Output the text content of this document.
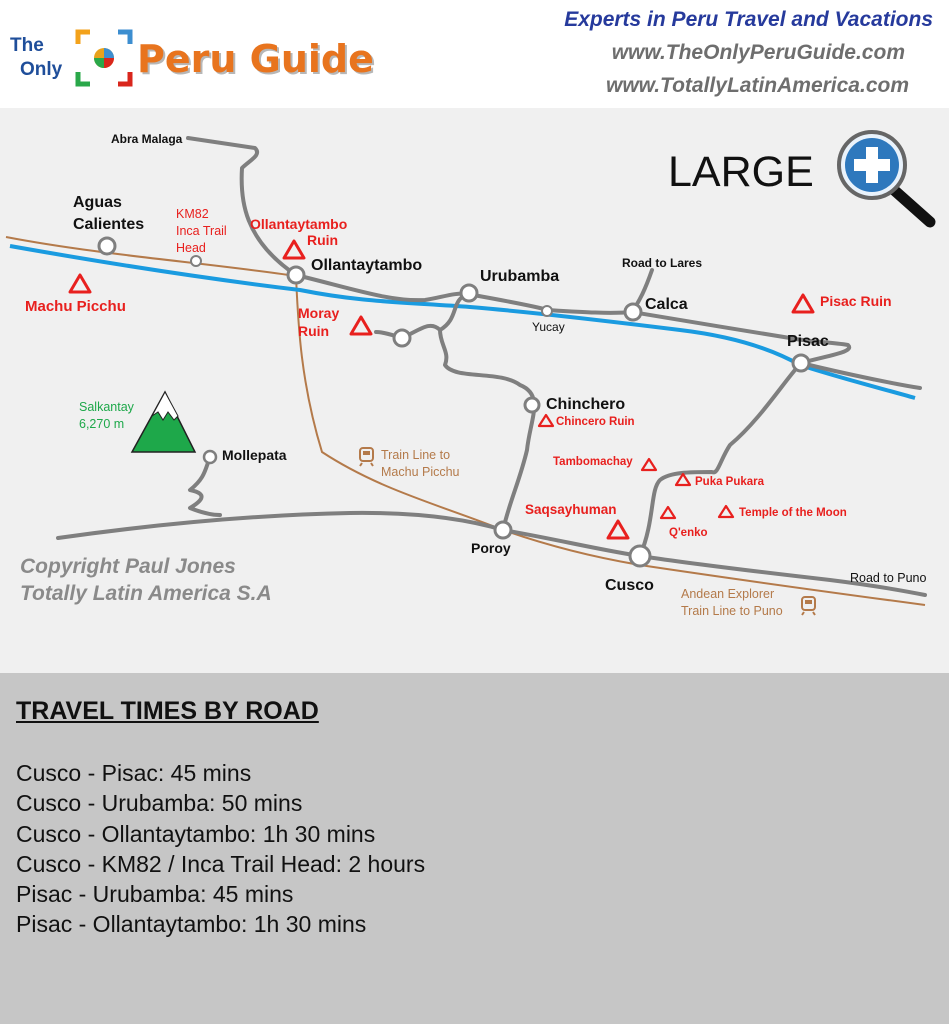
The
Only Peru Guide
Experts in Peru Travel and Vacations
www.TheOnlyPeruGuide.com
www.TotallyLatinAmerica.com
LARGE
Abra Malaga
Aguas
Calientes
KM82
Inca Trail
Head
Ollantaytambo
Urubamba
Road to Lares
Yucay
Calca
Pisac
Chinchero
Mollepata
Poroy
Cusco	Road to Puno
Machu Picchu
Ollantaytambo
Ruin
Moray
Ruin
Pisac Ruin
Chincero Ruin
Tambomachay
Puka Pukara
Saqsayhuman
Q'enko
Temple of the Moon
Salkantay
6,270 m
Train Line to
Machu Picchu
Andean Explorer
Train Line to Puno
Copyright Paul Jones
Totally Latin America S.A
TRAVEL TIMES BY ROAD
Cusco - Pisac: 45 mins
Cusco - Urubamba: 50 mins
Cusco - Ollantaytambo: 1h 30 mins
Cusco - KM82 / Inca Trail Head: 2 hours
Pisac - Urubamba: 45 mins
Pisac - Ollantaytambo: 1h 30 mins
